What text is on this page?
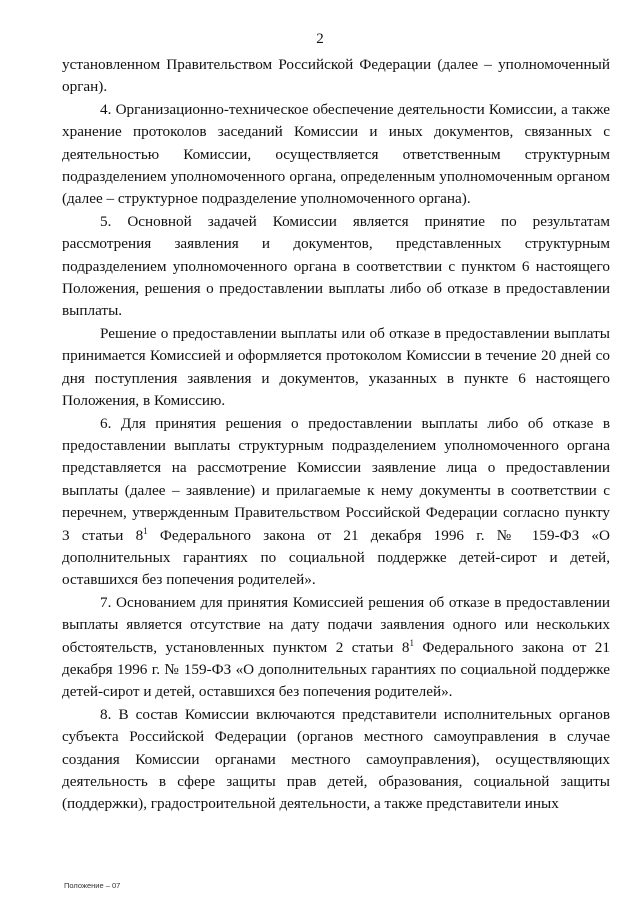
2

установленном Правительством Российской Федерации (далее – уполномоченный орган).

4. Организационно-техническое обеспечение деятельности Комиссии, а также хранение протоколов заседаний Комиссии и иных документов, связанных с деятельностью Комиссии, осуществляется ответственным структурным подразделением уполномоченного органа, определенным уполномоченным органом (далее – структурное подразделение уполномоченного органа).

5. Основной задачей Комиссии является принятие по результатам рассмотрения заявления и документов, представленных структурным подразделением уполномоченного органа в соответствии с пунктом 6 настоящего Положения, решения о предоставлении выплаты либо об отказе в предоставлении выплаты.

Решение о предоставлении выплаты или об отказе в предоставлении выплаты принимается Комиссией и оформляется протоколом Комиссии в течение 20 дней со дня поступления заявления и документов, указанных в пункте 6 настоящего Положения, в Комиссию.

6. Для принятия решения о предоставлении выплаты либо об отказе в предоставлении выплаты структурным подразделением уполномоченного органа представляется на рассмотрение Комиссии заявление лица о предоставлении выплаты (далее – заявление) и прилагаемые к нему документы в соответствии с перечнем, утвержденным Правительством Российской Федерации согласно пункту 3 статьи $8^1$ Федерального закона от 21 декабря 1996 г. № 159-ФЗ «О дополнительных гарантиях по социальной поддержке детей-сирот и детей, оставшихся без попечения родителей».

7. Основанием для принятия Комиссией решения об отказе в предоставлении выплаты является отсутствие на дату подачи заявления одного или нескольких обстоятельств, установленных пунктом 2 статьи $8^1$ Федерального закона от 21 декабря 1996 г. № 159-ФЗ «О дополнительных гарантиях по социальной поддержке детей-сирот и детей, оставшихся без попечения родителей».

8. В состав Комиссии включаются представители исполнительных органов субъекта Российской Федерации (органов местного самоуправления в случае создания Комиссии органами местного самоуправления), осуществляющих деятельность в сфере защиты прав детей, образования, социальной защиты (поддержки), градостроительной деятельности, а также представители иных

Положение – 07
